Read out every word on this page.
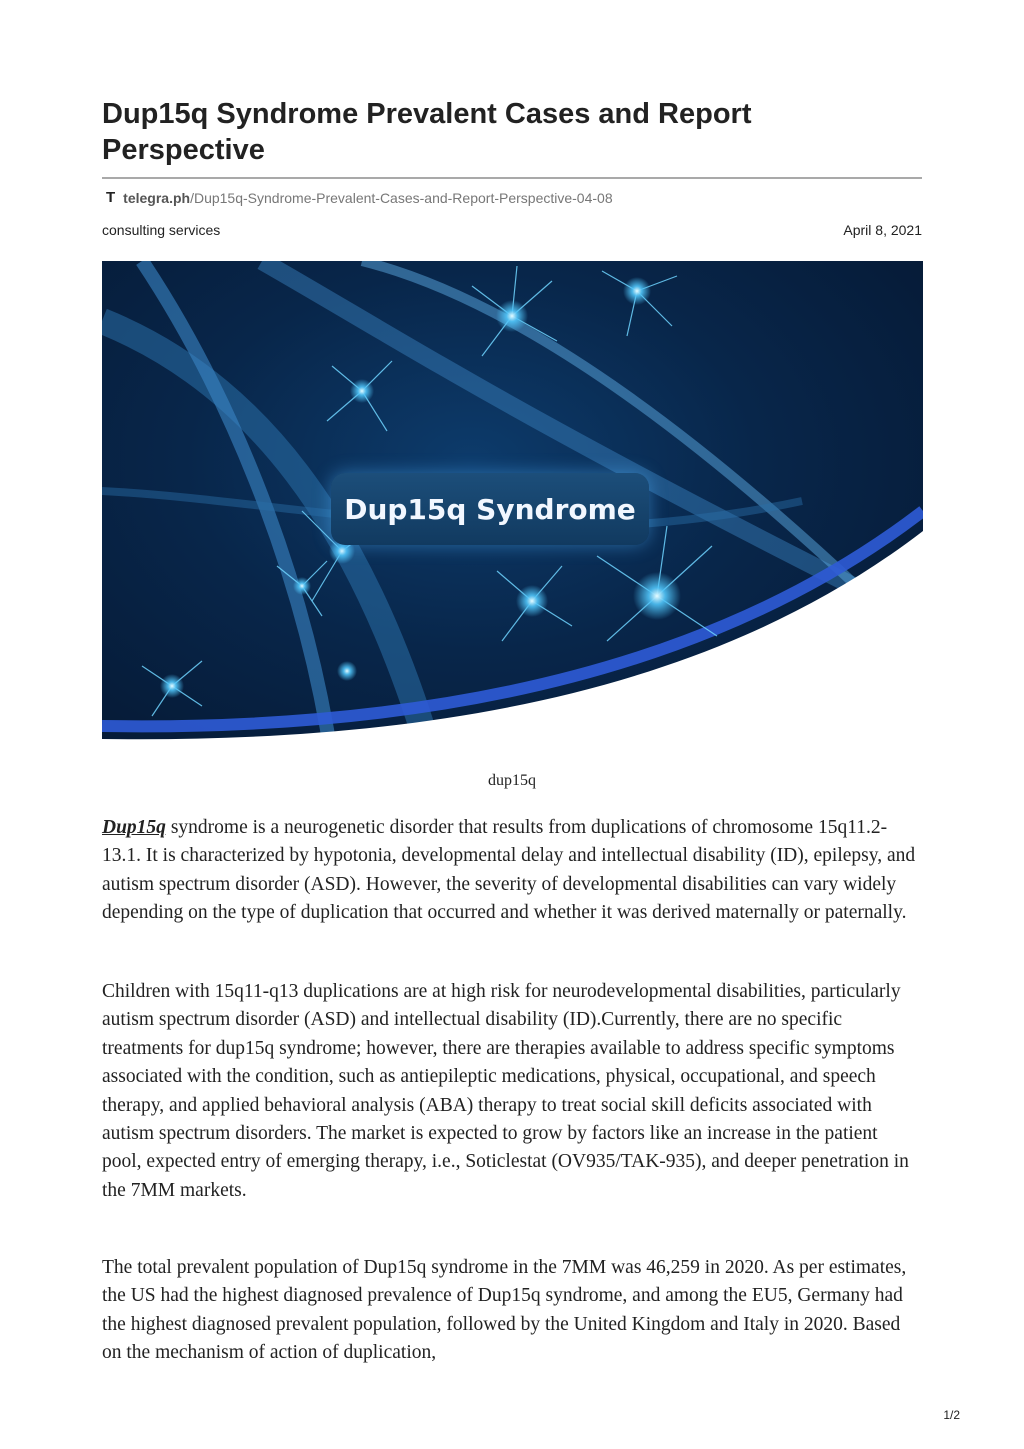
Dup15q Syndrome Prevalent Cases and Report Perspective
T telegra.ph /Dup15q-Syndrome-Prevalent-Cases-and-Report-Perspective-04-08
consulting services	April 8, 2021
Dup15q Syndrome
ELVEINSIGHT
dup15q

Dup15q syndrome is a neurogenetic disorder that results from duplications of chromosome 15q11.2-13.1. It is characterized by hypotonia, developmental delay and intellectual disability (ID), epilepsy, and autism spectrum disorder (ASD). However, the severity of developmental disabilities can vary widely depending on the type of duplication that occurred and whether it was derived maternally or paternally.

Children with 15q11-q13 duplications are at high risk for neurodevelopmental disabilities, particularly autism spectrum disorder (ASD) and intellectual disability (ID).Currently, there are no specific treatments for dup15q syndrome; however, there are therapies available to address specific symptoms associated with the condition, such as antiepileptic medications, physical, occupational, and speech therapy, and applied behavioral analysis (ABA) therapy to treat social skill deficits associated with autism spectrum disorders. The market is expected to grow by factors like an increase in the patient pool, expected entry of emerging therapy, i.e., Soticlestat (OV935/TAK-935), and deeper penetration in the 7MM markets.

The total prevalent population of Dup15q syndrome in the 7MM was 46,259 in 2020. As per estimates, the US had the highest diagnosed prevalence of Dup15q syndrome, and among the EU5, Germany had the highest diagnosed prevalent population, followed by the United Kingdom and Italy in 2020. Based on the mechanism of action of duplication,

1/2
